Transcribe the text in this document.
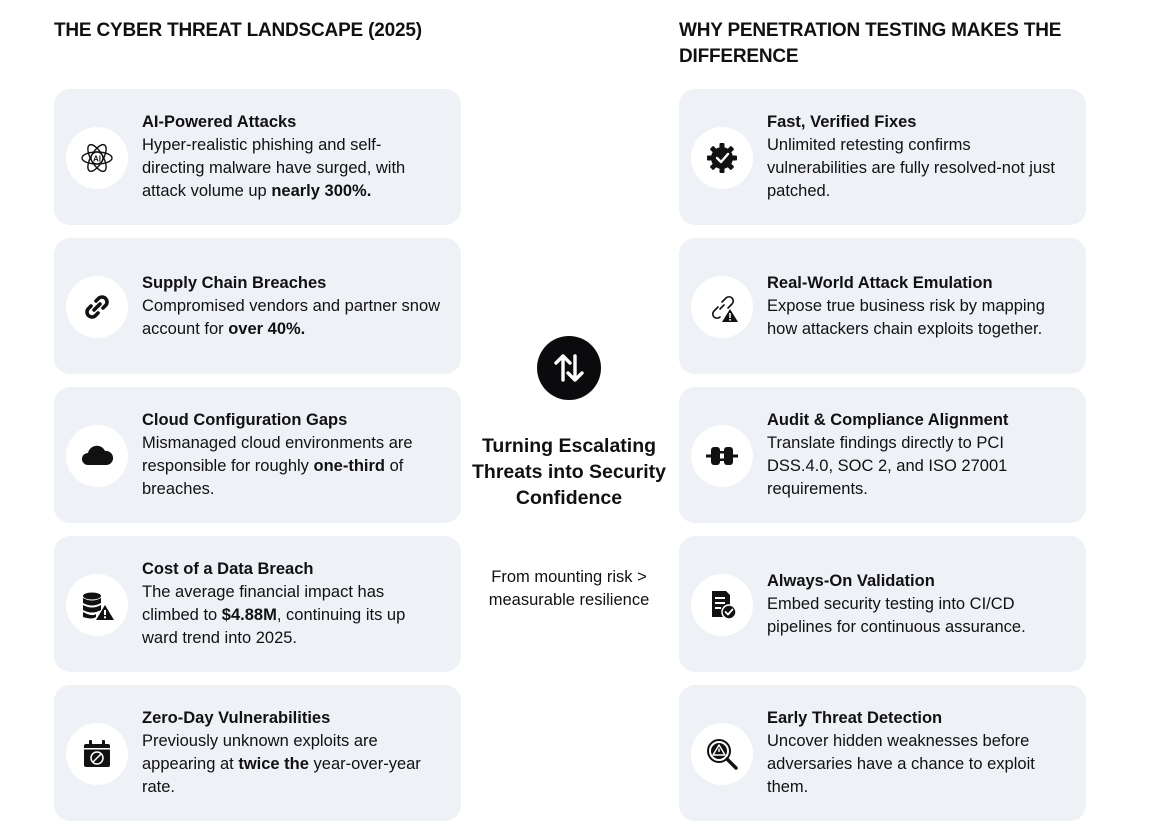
THE CYBER THREAT LANDSCAPE (2025)	WHY PENETRATION TESTING MAKES THE DIFFERENCE
AI
AI-Powered Attacks
Hyper-realistic phishing and self-directing malware have surged, with attack volume up nearly 300%.
Supply Chain Breaches
Compromised vendors and partner snow account for over 40%.
Cloud Configuration Gaps
Mismanaged cloud environments are responsible for roughly one-third of breaches.
Cost of a Data Breach
The average financial impact has climbed to $4.88M, continuing its up ward trend into 2025.
Zero-Day Vulnerabilities
Previously unknown exploits are appearing at twice the year-over-year rate.
Turning Escalating Threats into Security Confidence
From mounting risk > measurable resilience
Fast, Verified Fixes
Unlimited retesting confirms vulnerabilities are fully resolved-not just patched.
Real-World Attack Emulation
Expose true business risk by mapping how attackers chain exploits together.
Audit & Compliance Alignment
Translate findings directly to PCI DSS.4.0, SOC 2, and ISO 27001 requirements.
Always-On Validation
Embed security testing into CI/CD pipelines for continuous assurance.
Early Threat Detection
Uncover hidden weaknesses before adversaries have a chance to exploit them.
